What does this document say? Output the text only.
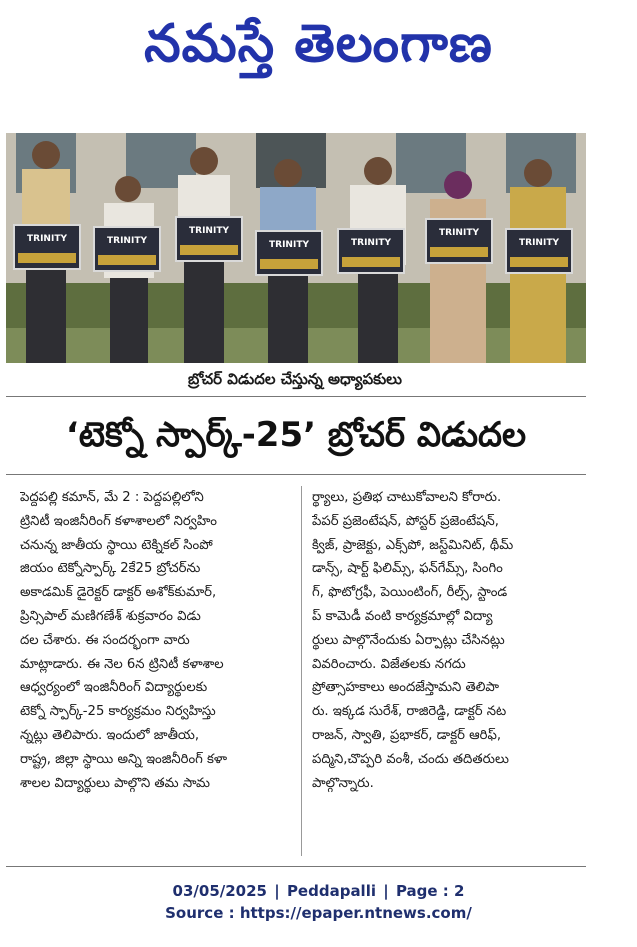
నమస్తే తెలంగాణ
TRINITY	TRINITY
TRINITY
TRINITY	TRINITY
TRINITY
TRINITY
బ్రోచర్ విడుదల చేస్తున్న అధ్యాపకులు
‘టెక్నో స్పార్క్-25’ బ్రోచర్ విడుదల

పెద్దపల్లి కమాన్, మే 2 : పెద్దపల్లిలోని

ట్రినిటీ ఇంజినీరింగ్ కళాశాలలో నిర్వహిం

చనున్న జాతీయ స్థాయి టెక్నికల్ సింపో

జియం టెక్నోస్పార్క్ 2కే25 బ్రోచర్‌ను

అకాడమిక్ డైరెక్టర్ డాక్టర్ అశోక్‌కుమార్,

ప్రిన్సిపాల్ మణిగణేశ్ శుక్రవారం విడు

దల చేశారు. ఈ సందర్భంగా వారు

మాట్లాడారు. ఈ నెల 6న ట్రినిటీ కళాశాల

ఆధ్వర్యంలో ఇంజినీరింగ్ విద్యార్థులకు

టెక్నో స్పార్క్-25 కార్యక్రమం నిర్వహిస్తు

న్నట్లు తెలిపారు. ఇందులో జాతీయ,

రాష్ట్ర, జిల్లా స్థాయి అన్ని ఇంజినీరింగ్ కళా

శాలల విద్యార్థులు పాల్గొని తమ సామ

ర్థ్యాలు, ప్రతిభ చాటుకోవాలని కోరారు.

పేపర్ ప్రజెంటేషన్, పోస్టర్ ప్రజెంటేషన్,

క్విజ్, ప్రాజెక్టు, ఎక్స్‌పో, జస్ట్‌మినిట్, థీమ్

డాన్స్, షార్ట్ ఫిలిమ్స్, ఫన్‌గేమ్స్, సింగిం

గ్, ఫొటోగ్రఫీ, పెయింటింగ్, రీల్స్, స్టాండ

ప్ కామెడీ వంటి కార్యక్రమాల్లో విద్యా

ర్థులు పాల్గొనేందుకు ఏర్పాట్లు చేసినట్లు

వివరించారు. విజేతలకు నగదు

ప్రోత్సాహకాలు అందజేస్తామని తెలిపా

రు. ఇక్కడ సురేశ్, రాజిరెడ్డి, డాక్టర్ నట

రాజన్, స్వాతి, ప్రభాకర్, డాక్టర్ ఆరిఫ్,

పద్మిని,చొప్పరి వంశీ, చందు తదితరులు

పాల్గొన్నారు.

03/05/2025 | Peddapalli | Page : 2
Source : https://epaper.ntnews.com/
